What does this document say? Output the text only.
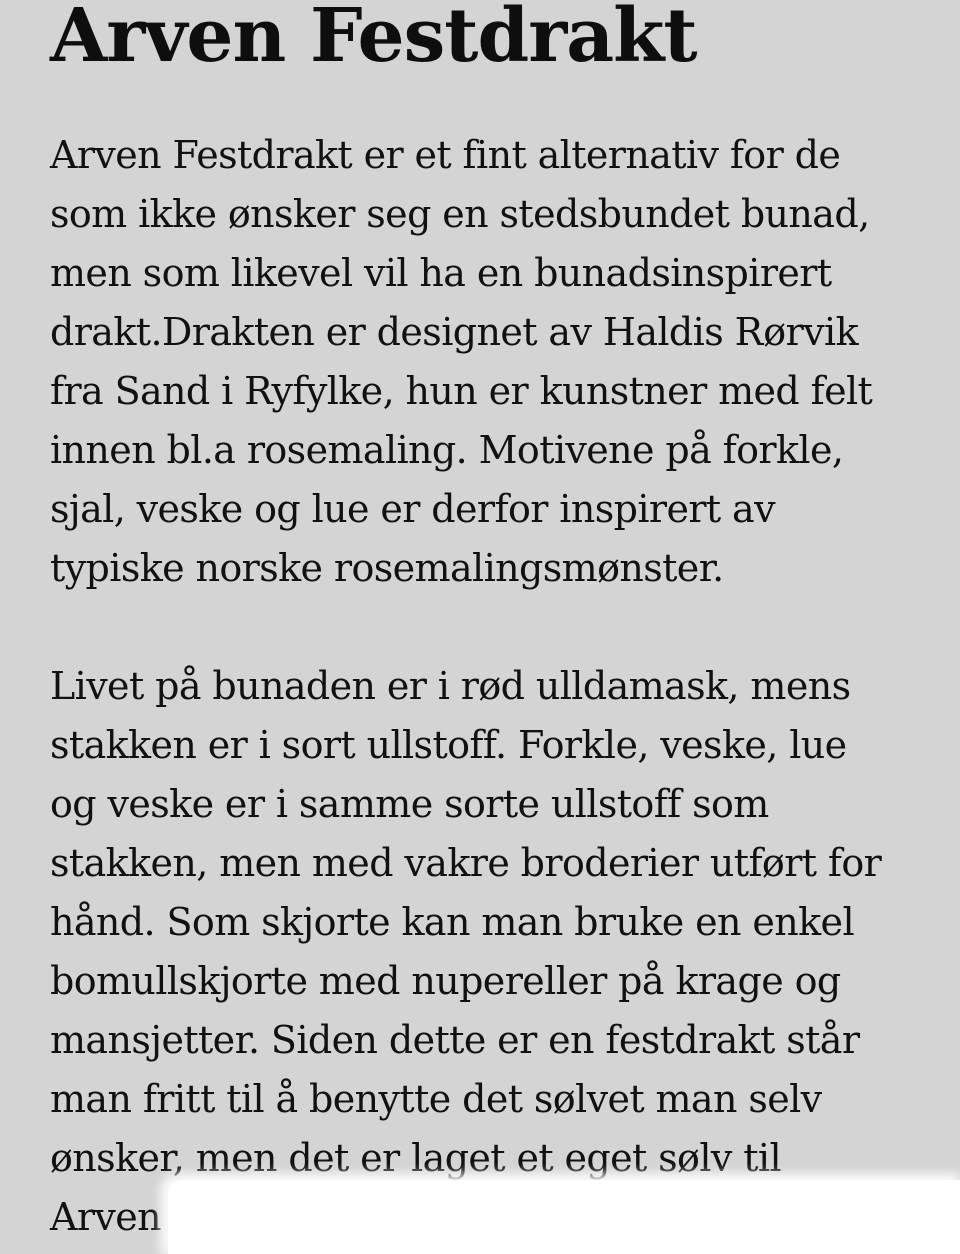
Arven Festdrakt

Arven Festdrakt er et fint alternativ for de
som ikke ønsker seg en stedsbundet bunad,
men som likevel vil ha en bunadsinspirert
drakt.Drakten er designet av Haldis Rørvik
fra Sand i Ryfylke, hun er kunstner med felt
innen bl.a rosemaling. Motivene på forkle,
sjal, veske og lue er derfor inspirert av
typiske norske rosemalingsmønster.

Livet på bunaden er i rød ulldamask, mens
stakken er i sort ullstoff. Forkle, veske, lue
og veske er i samme sorte ullstoff som
stakken, men med vakre broderier utført for
hånd. Som skjorte kan man bruke en enkel
bomullskjorte med nupereller på krage og
mansjetter. Siden dette er en festdrakt står
man fritt til å benytte det sølvet man selv
ønsker, men det er laget et eget sølv til
Arven
